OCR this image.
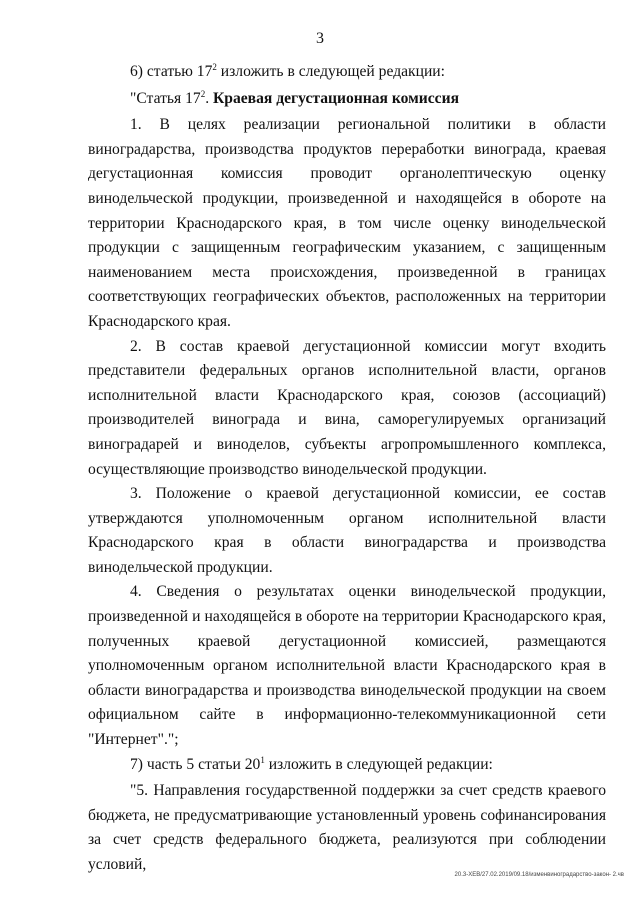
3

6) статью $17^2$ изложить в следующей редакции:

"Статья $17^2$. Краевая дегустационная комиссия

1. В целях реализации региональной политики в области виноградарства, производства продуктов переработки винограда, краевая дегустационная комиссия проводит органолептическую оценку винодельческой продукции, произведенной и находящейся в обороте на территории Краснодарского края, в том числе оценку винодельческой продукции с защищенным географическим указанием, с защищенным наименованием места происхождения, произведенной в границах соответствующих географических объектов, расположенных на территории Краснодарского края.

2. В состав краевой дегустационной комиссии могут входить представители федеральных органов исполнительной власти, органов исполнительной власти Краснодарского края, союзов (ассоциаций) производителей винограда и вина, саморегулируемых организаций виноградарей и виноделов, субъекты агропромышленного комплекса, осуществляющие производство винодельческой продукции.

3. Положение о краевой дегустационной комиссии, ее состав утверждаются уполномоченным органом исполнительной власти Краснодарского края в области виноградарства и производства винодельческой продукции.

4. Сведения о результатах оценки винодельческой продукции, произведенной и находящейся в обороте на территории Краснодарского края, полученных краевой дегустационной комиссией, размещаются уполномоченным органом исполнительной власти Краснодарского края в области виноградарства и производства винодельческой продукции на своем официальном сайте в информационно-телекоммуникационной сети "Интернет".";

7) часть 5 статьи $20^1$ изложить в следующей редакции:

"5. Направления государственной поддержки за счет средств краевого бюджета, не предусматривающие установленный уровень софинансирования за счет средств федерального бюджета, реализуются при соблюдении условий,

20.3-ХЕВ/27.02.2019/09.18/изменвиноградарство-закон- 2.чв
